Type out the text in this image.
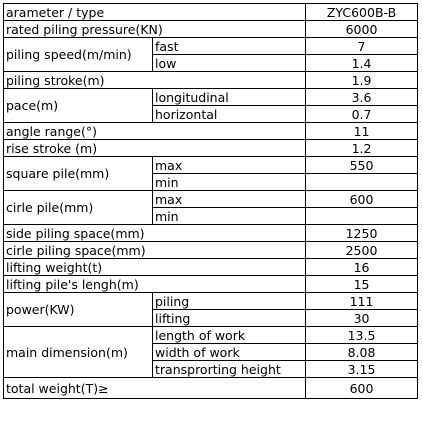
arameter / type		ZYC600B-B
rated piling pressure(KN)		6000
piling speed(m/min)	fast	7
	low	1.4
piling stroke(m)		1.9
pace(m)	longitudinal	3.6
	horizontal	0.7
angle range(°)		11
rise stroke (m)		1.2
square pile(mm)	max	550
	min	
cirle pile(mm)	max	600
	min	
side piling space(mm)		1250
cirle piling space(mm)		2500
lifting weight(t)		16
lifting pile's lengh(m)		15
power(KW)	piling	111
	lifting	30
main dimension(m)	length of work	13.5
	width of work	8.08
	transprorting height	3.15
total weight(T)≥		600
